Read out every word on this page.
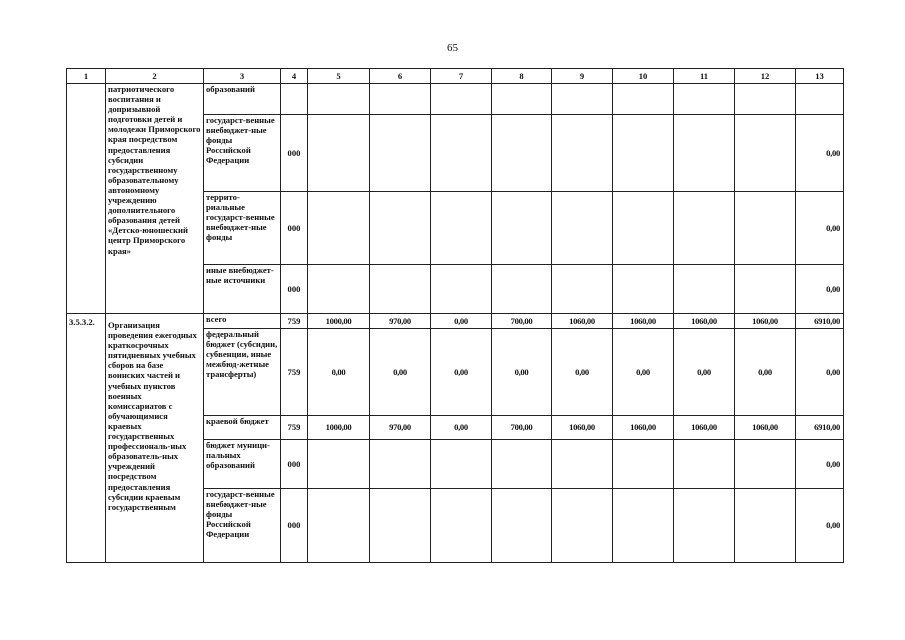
65
1	2	3	4	5	6	7	8	9	10	11	12	13
	патриотического воспитания и допризывной подготовки детей и молодежи Приморского края посредством предоставления субсидии государственному образовательному автономному учреждению дополнительного образования детей «Детско-юношеский центр Приморского края»	образований										
		государст-венные внебюджет-ные фонды Российской Федерации	000									0,00
		террито-риальные государст-венные внебюджет-ные фонды	000									0,00
		иные внебюджет-ные источники	000									0,00
3.5.3.2.	Организация проведения ежегодных краткосрочных пятидневных учебных сборов на базе воинских частей и учебных пунктов военных комиссариатов с обучающимися краевых государственных профессиональ-ных образователь-ных учреждений посредством предоставления субсидии краевым государственным	всего	759	1000,00	970,00	0,00	700,00	1060,00	1060,00	1060,00	1060,00	6910,00
		федеральный бюджет (субсидии, субвенции, иные межбюд-жетные трансферты)	759	0,00	0,00	0,00	0,00	0,00	0,00	0,00	0,00	0,00
		краевой бюджет	759	1000,00	970,00	0,00	700,00	1060,00	1060,00	1060,00	1060,00	6910,00
		бюджет муници-пальных образований	000									0,00
		государст-венные внебюджет-ные фонды Российской Федерации	000									0,00
